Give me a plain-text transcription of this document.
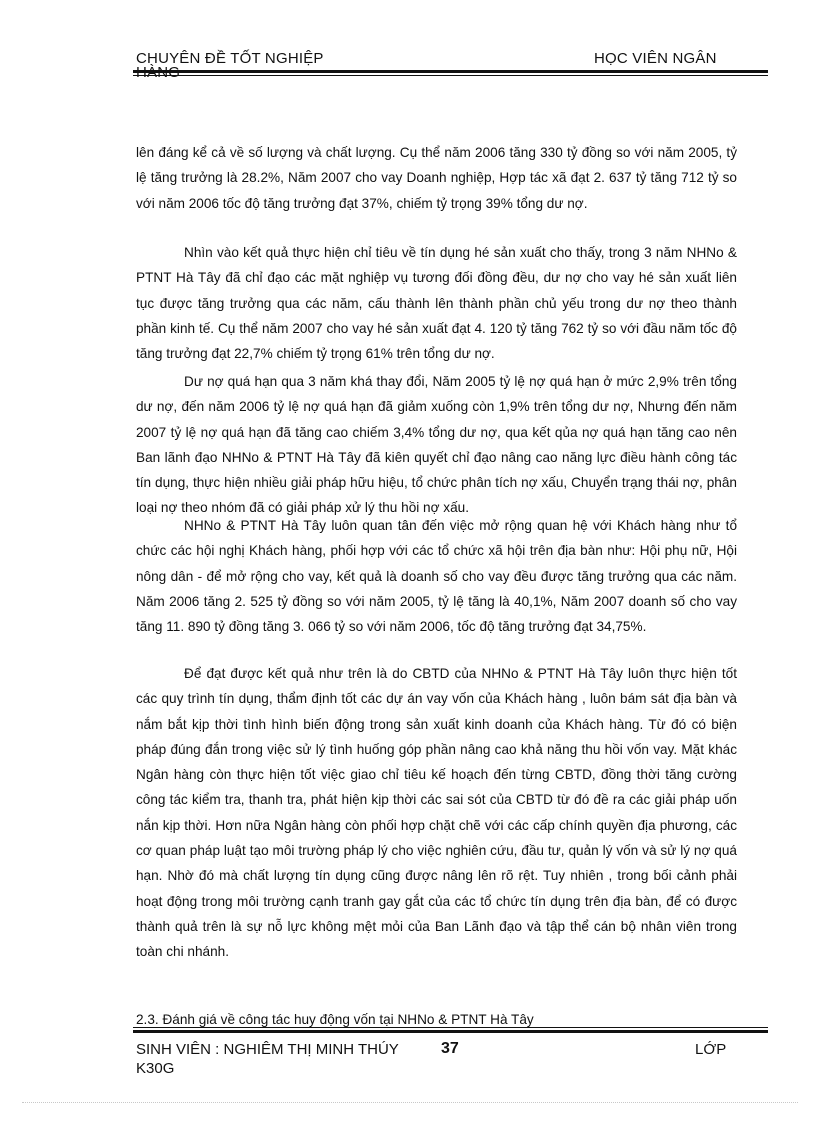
CHUYÊN ĐỀ TỐT NGHIỆP	HỌC VIÊN NGÂN

lên đáng kể cả về số lượng và chất lượng. Cụ thể năm 2006 tăng 330 tỷ đồng so với năm 2005, tỷ lệ tăng trưởng là 28.2%, Năm 2007 cho vay Doanh nghiệp, Hợp tác xã đạt 2. 637 tỷ tăng 712 tỷ so với năm 2006 tốc độ tăng trưởng đạt 37%, chiếm tỷ trọng 39% tổng dư nợ.

Nhìn vào kết quả thực hiện chỉ tiêu về tín dụng hé sản xuất cho thấy, trong 3 năm NHNo & PTNT Hà Tây đã chỉ đạo các mặt nghiệp vụ tương đối đồng đều, dư nợ cho vay hé sản xuất liên tục được tăng trưởng qua các năm, cấu thành lên thành phần chủ yếu trong dư nợ theo thành phần kinh tế. Cụ thể năm 2007 cho vay hé sản xuất đạt 4. 120 tỷ tăng 762 tỷ so với đầu năm tốc độ tăng trưởng đạt 22,7% chiếm tỷ trọng 61% trên tổng dư nợ.

Dư nợ quá hạn qua 3 năm khá thay đổi, Năm 2005 tỷ lệ nợ quá hạn ở mức 2,9% trên tổng dư nợ, đến năm 2006 tỷ lệ nợ quá hạn đã giảm xuống còn 1,9% trên tổng dư nợ, Nhưng đến năm 2007 tỷ lệ nợ quá hạn đã tăng cao chiếm 3,4% tổng dư nợ, qua kết qủa nợ quá hạn tăng cao nên Ban lãnh đạo NHNo & PTNT Hà Tây đã kiên quyết chỉ đạo nâng cao năng lực điều hành công tác tín dụng, thực hiện nhiều giải pháp hữu hiệu, tổ chức phân tích nợ xấu, Chuyển trạng thái nợ, phân loại nợ theo nhóm đã có giải pháp xử lý thu hồi nợ xấu.

NHNo & PTNT Hà Tây luôn quan tân đến việc mở rộng quan hệ với Khách hàng như tổ chức các hội nghị Khách hàng, phối hợp với các tổ chức xã hội trên địa bàn như: Hội phụ nữ, Hội nông dân - để mở rộng cho vay, kết quả là doanh số cho vay đều được tăng trưởng qua các năm. Năm 2006 tăng 2. 525 tỷ đồng so với năm 2005, tỷ lệ tăng là 40,1%, Năm 2007 doanh số cho vay tăng 11. 890 tỷ đồng tăng 3. 066 tỷ so với năm 2006, tốc độ tăng trưởng đạt 34,75%.

Để đạt được kết quả như trên là do CBTD của NHNo & PTNT Hà Tây luôn thực hiện tốt các quy trình tín dụng, thẩm định tốt các dự án vay vốn của Khách hàng , luôn bám sát địa bàn và nắm bắt kịp thời tình hình biến động trong sản xuất kinh doanh của Khách hàng. Từ đó có biện pháp đúng đắn trong việc sử lý tình huống góp phần nâng cao khả năng thu hồi vốn vay. Mặt khác Ngân hàng còn thực hiện tốt việc giao chỉ tiêu kế hoạch đến từng CBTD, đồng thời tăng cường công tác kiểm tra, thanh tra, phát hiện kịp thời các sai sót của CBTD từ đó đề ra các giải pháp uốn nắn kịp thời. Hơn nữa Ngân hàng còn phối hợp chặt chẽ với các cấp chính quyền địa phương, các cơ quan pháp luật tạo môi trường pháp lý cho việc nghiên cứu, đầu tư, quản lý vốn và sử lý nợ quá hạn. Nhờ đó mà chất lượng tín dụng cũng được nâng lên rõ rệt. Tuy nhiên , trong bối cảnh phải hoạt động trong môi trường cạnh tranh gay gắt của các tổ chức tín dụng trên địa bàn, để có được thành quả trên là sự nỗ lực không mệt mỏi của Ban Lãnh đạo và tập thể cán bộ nhân viên trong toàn chi nhánh.

2.3. Đánh giá về công tác huy động vốn tại NHNo & PTNT Hà Tây
SINH VIÊN : NGHIÊM THỊ MINH THÚY	37	LỚP
K30G
